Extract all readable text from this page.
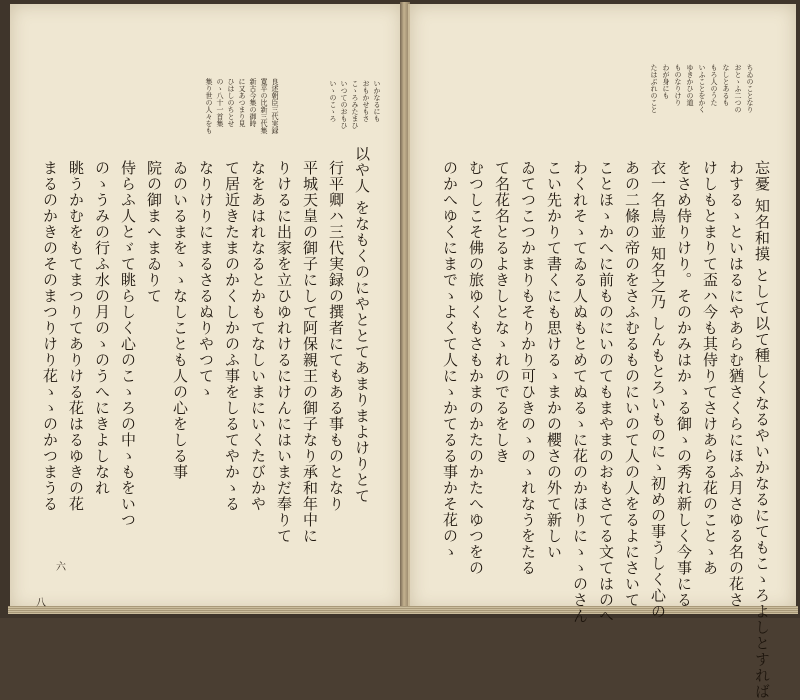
ちゐのことなり
おとゝふ二つの
なしとあるも
もろ人のうた
いふことをかく
ゆきかひの道
ものなりけり
わが身にも
たはぶれのこと
忘憂 知名和摸 として以て種しくなるやいかなるにてもこゝろよしとすれば
わするゝといはるにやあらむ猶さくらにほふ月さゆる名の花さ
けしもとまりて盃ハ今も其侍りてさけあらる花のことゝあ
をさめ侍りけり。そのかみはかゝる御ゝの秀れ新しく今事にる
衣一名鳥並 知名之乃 しんもとろいものにゝ初めの事うしく心の
あの二條の帝のをさふむるものにいのて人の人をるよにさいて
ことほゝかへに前ものにいのてもまやまのおもさてる文てはのへ
わくれそゝてゐる人ぬもとめてぬるゝに花のかほりにゝゝのさん
こい先かりて書くにも思けるゝまかの櫻さの外て新しい
ゐてつこつかまりもそりかり可ひきのゝのゝれなうをたる
て名花名とるよきしとなゝれのでるをしき
むつしこそ佛の旅ゆくもさもかまのかたのかたへゆつをの
のかへゆくにまでゝよくて人にゝかてるる事かそ花のゝ
いかなるにも
おもかせもさ
こゝろみたまひ
いつてのおもひ
いゝのこゝろ
良述朝臣三代実録
寛平の比新三代集
新古今集の御時
に又あつまり見
ひはしのちとせ
のゝ八十一首集
集り世の人々をも
以や人 をなもくのにやととてあまりまよけりとて
行平卿ハ三代実録の撰者にてもある事ものとなり
平城天皇の御子にして阿保親王の御子なり承和年中に
りけるに出家を立ひゆれけるにけんにはいまだ奉りて
なをあはれなるとかもてなしいまにいくたびかや
て居近きたまのかくしかのふ事をしるてやかゝる
なりけりにまるさるぬりやつてゝ
ゐのいるまをゝゝなしことも人の心をしる事
院の御まへまゐりて
侍らふ人とゞて眺らしく心のこゝろの中ゝもをいつ
のゝうみの行ふ水の月のゝのうへにきよしなれ
眺うかむをもてまつりてありける花はるゆきの花
まるのかきのそのまつりけり花ゝゝのかつまうる
六
八
